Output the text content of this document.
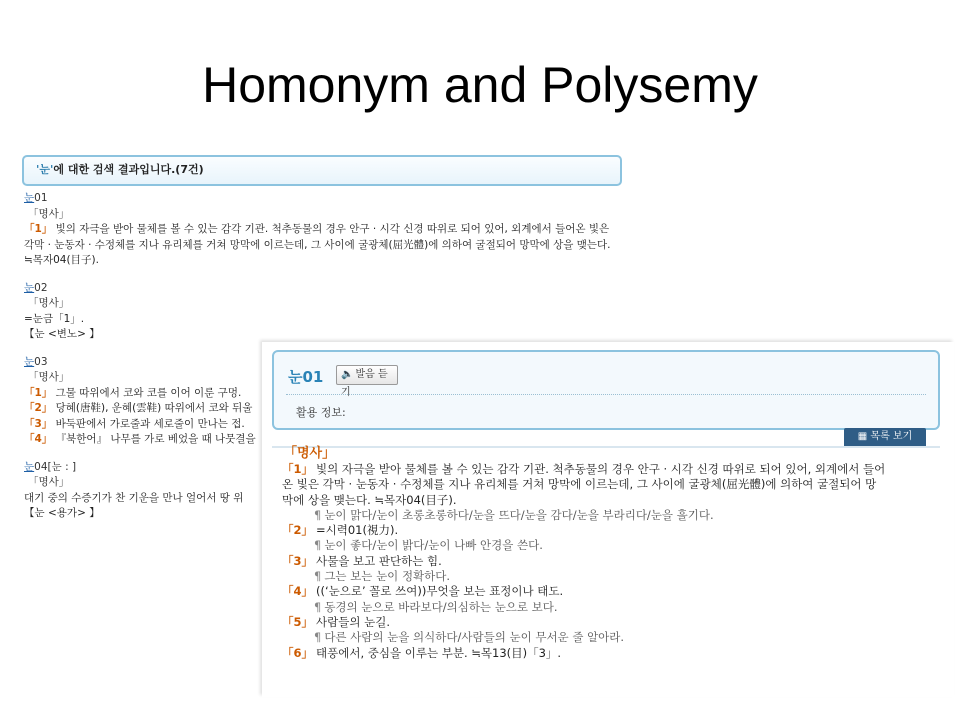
Homonym and Polysemy
'눈'에 대한 검색 결과입니다.(7건)
눈01
「명사」
「1」 빛의 자극을 받아 물체를 볼 수 있는 감각 기관. 척추동물의 경우 안구 · 시각 신경 따위로 되어 있어, 외계에서 들어온 빛은 각막 · 눈동자 · 수정체를 지나 유리체를 거쳐 망막에 이르는데, 그 사이에 굴광체(屈光體)에 의하여 굴절되어 망막에 상을 맺는다. ≒목자04(目子).
눈02
「명사」
=눈금「1」.
【눈 <변노> 】
눈03
「명사」
「1」 그물 따위에서 코와 코를 이어 이룬 구멍.
「2」 당혜(唐鞋), 운혜(雲鞋) 따위에서 코와 뒤울
「3」 바둑판에서 가로줄과 세로줄이 만나는 접.
「4」 『북한어』 나무를 가로 베었을 때 나뭇결을
눈04[눈 : ]
「명사」
대기 중의 수증기가 찬 기운을 만나 얼어서 땅 위
【눈 <용가> 】
눈01	🔈 발음 듣기
활용 정보:
▦ 목록 보기
「명사」
「1」 빛의 자극을 받아 물체를 볼 수 있는 감각 기관. 척추동물의 경우 안구 · 시각 신경 따위로 되어 있어, 외계에서 들어
온 빛은 각막 · 눈동자 · 수정체를 지나 유리체를 거쳐 망막에 이르는데, 그 사이에 굴광체(屈光體)에 의하여 굴절되어 망
막에 상을 맺는다. ≒목자04(目子).
¶ 눈이 맑다/눈이 초롱초롱하다/눈을 뜨다/눈을 감다/눈을 부라리다/눈을 흘기다.
「2」 =시력01(視力).
¶ 눈이 좋다/눈이 밝다/눈이 나빠 안경을 쓴다.
「3」 사물을 보고 판단하는 힘.
¶ 그는 보는 눈이 정확하다.
「4」 ((‘눈으로’ 꼴로 쓰여))무엇을 보는 표정이나 태도.
¶ 동경의 눈으로 바라보다/의심하는 눈으로 보다.
「5」 사람들의 눈길.
¶ 다른 사람의 눈을 의식하다/사람들의 눈이 무서운 줄 알아라.
「6」 태풍에서, 중심을 이루는 부분. ≒목13(目)「3」.
